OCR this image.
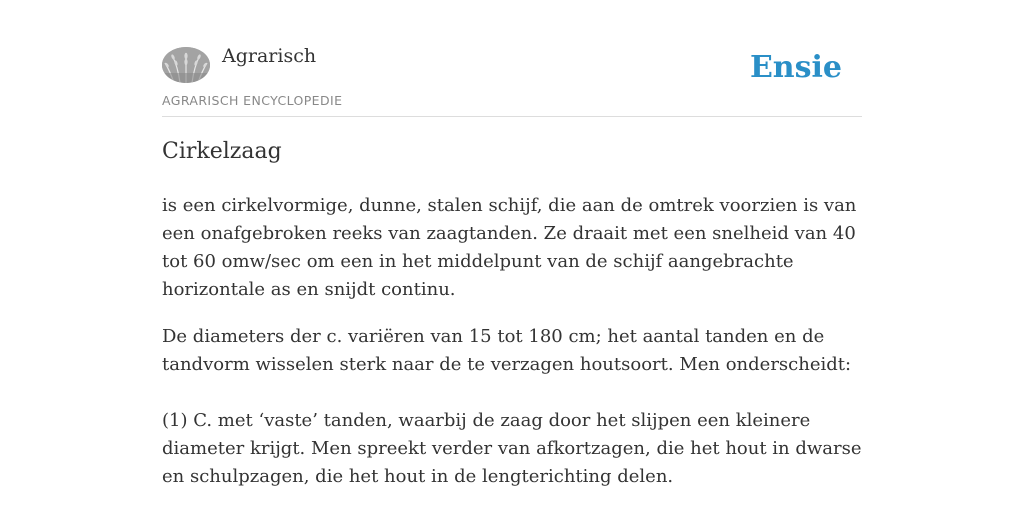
Agrarisch
AGRARISCH ENCYCLOPEDIE
Ensie
Cirkelzaag

is een cirkelvormige, dunne, stalen schijf, die aan de omtrek voorzien is van een onafgebroken reeks van zaagtanden. Ze draait met een snelheid van 40 tot 60 omw/sec om een in het middelpunt van de schijf aangebrachte horizontale as en snijdt continu.

De diameters der c. variëren van 15 tot 180 cm; het aantal tanden en de tandvorm wisselen sterk naar de te verzagen houtsoort. Men onderscheidt:

(1) C. met ‘vaste’ tanden, waarbij de zaag door het slijpen een kleinere diameter krijgt. Men spreekt verder van afkortzagen, die het hout in dwarse en schulpzagen, die het hout in de lengterichting delen.
